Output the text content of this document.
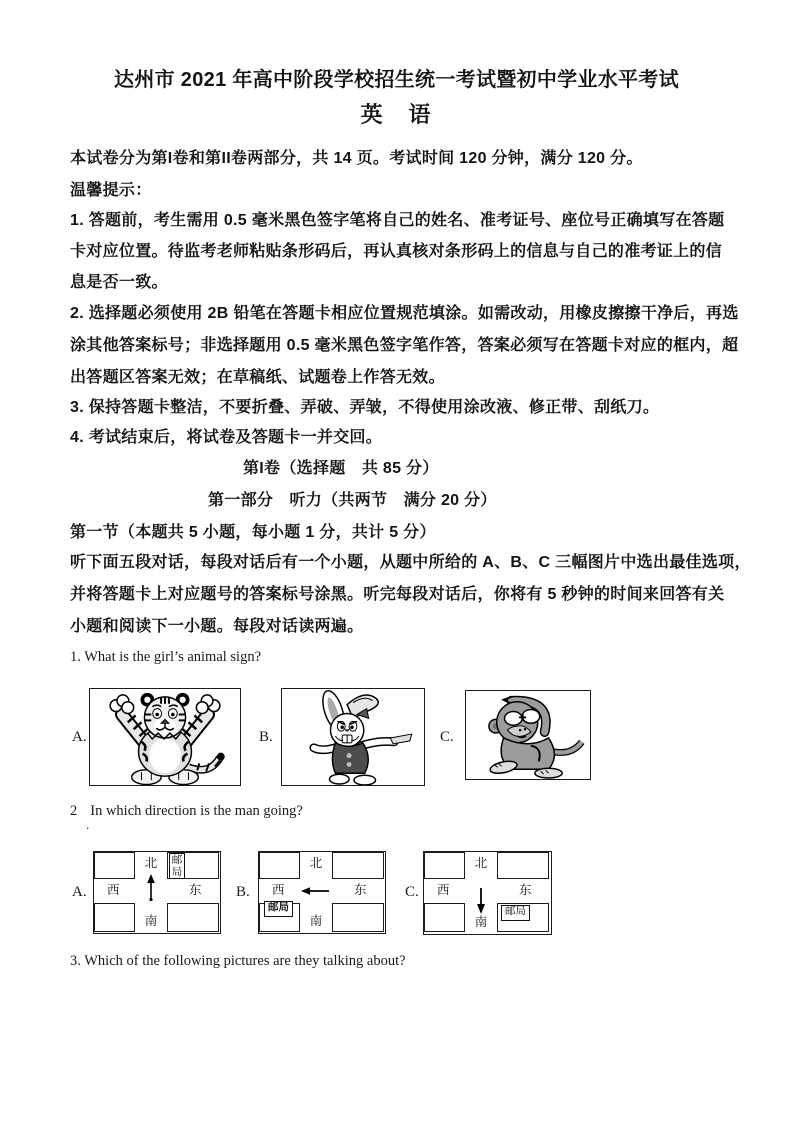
达州市 2021 年高中阶段学校招生统一考试暨初中学业水平考试
英　语
本试卷分为第I卷和第II卷两部分，共 14 页。考试时间 120 分钟，满分 120 分。
温馨提示：
1. 答题前，考生需用 0.5 毫米黑色签字笔将自己的姓名、准考证号、座位号正确填写在答题
卡对应位置。待监考老师粘贴条形码后，再认真核对条形码上的信息与自己的准考证上的信
息是否一致。
2. 选择题必须使用 2B 铅笔在答题卡相应位置规范填涂。如需改动，用橡皮擦擦干净后，再选
涂其他答案标号；非选择题用 0.5 毫米黑色签字笔作答，答案必须写在答题卡对应的框内，超
出答题区答案无效；在草稿纸、试题卷上作答无效。
3. 保持答题卡整洁，不要折叠、弄破、弄皱，不得使用涂改液、修正带、刮纸刀。
4. 考试结束后，将试卷及答题卡一并交回。
第I卷（选择题　共 85 分）
第一部分　听力（共两节　满分 20 分）
第一节（本题共 5 小题，每小题 1 分，共计 5 分）
听下面五段对话，每段对话后有一个小题，从题中所给的 A、B、C 三幅图片中选出最佳选项，
并将答题卡上对应题号的答案标号涂黑。听完每段对话后，你将有 5 秒钟的时间来回答有关
小题和阅读下一小题。每段对话读两遍。
1. What is the girl’s animal sign?
A.	B.	C.
2 In which direction is the man going?
.
A.
北
南
西	东
邮局
B.
北
南
西	东
邮局
C.
北
南
西	东
邮局
3. Which of the following pictures are they talking about?
